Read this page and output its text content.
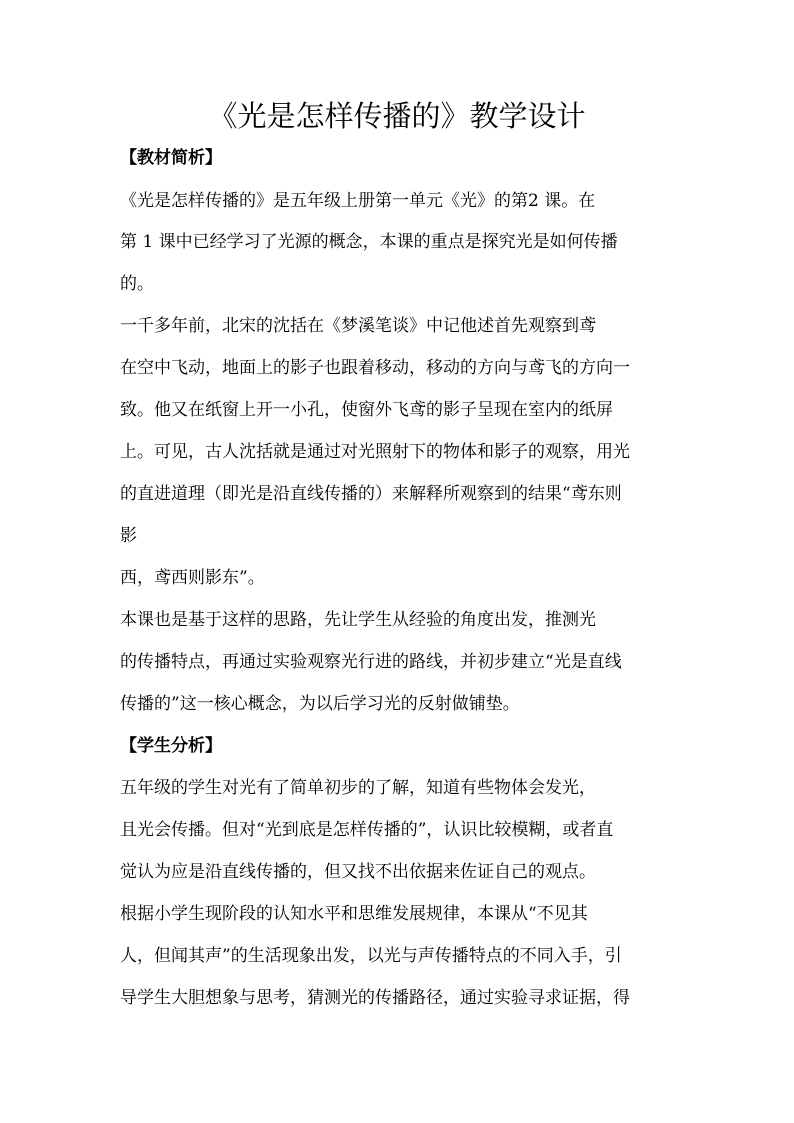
《光是怎样传播的》教学设计
【教材简析】
《光是怎样传播的》是五年级上册第一单元《光》的第2 课。在
第 1 课中已经学习了光源的概念，本课的重点是探究光是如何传播
的。
一千多年前，北宋的沈括在《梦溪笔谈》中记他述首先观察到鸢
在空中飞动，地面上的影子也跟着移动，移动的方向与鸢飞的方向一
致。他又在纸窗上开一小孔，使窗外飞鸢的影子呈现在室内的纸屏
上。可见，古人沈括就是通过对光照射下的物体和影子的观察，用光
的直进道理（即光是沿直线传播的）来解释所观察到的结果“鸢东则
影
西，鸢西则影东”。
本课也是基于这样的思路，先让学生从经验的角度出发，推测光
的传播特点，再通过实验观察光行进的路线，并初步建立“光是直线
传播的”这一核心概念，为以后学习光的反射做铺垫。
【学生分析】
五年级的学生对光有了简单初步的了解，知道有些物体会发光，
且光会传播。但对“光到底是怎样传播的”，认识比较模糊，或者直
觉认为应是沿直线传播的，但又找不出依据来佐证自己的观点。
根据小学生现阶段的认知水平和思维发展规律，本课从“不见其
人，但闻其声”的生活现象出发，以光与声传播特点的不同入手，引
导学生大胆想象与思考，猜测光的传播路径，通过实验寻求证据，得
